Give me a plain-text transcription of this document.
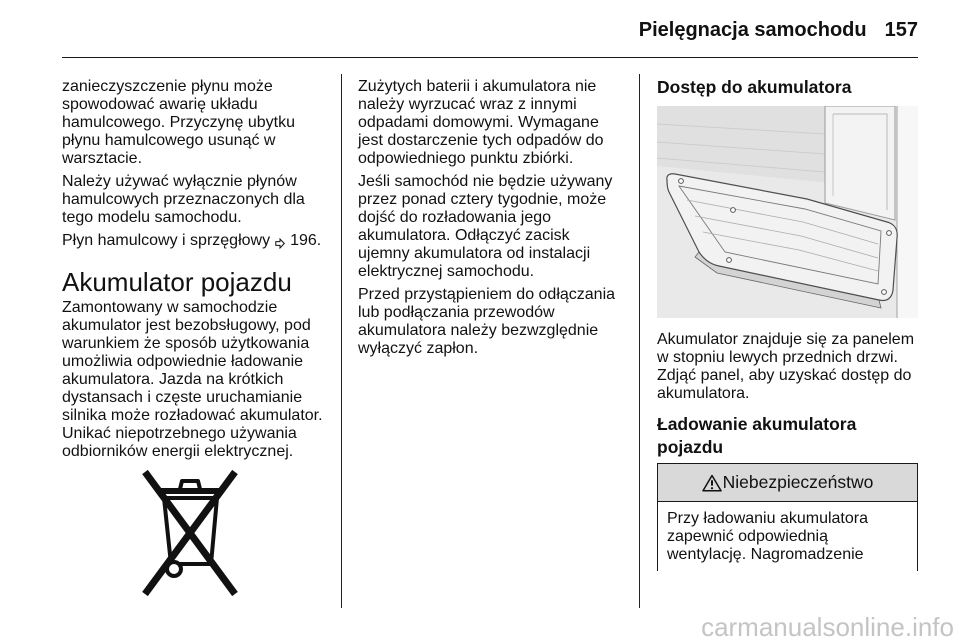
Pielęgnacja samochodu 157
zanieczyszczenie płynu może
spowodować awarię układu
hamulcowego. Przyczynę ubytku
płynu hamulcowego usunąć w
warsztacie.
Należy używać wyłącznie płynów
hamulcowych przeznaczonych dla
tego modelu samochodu.
Płyn hamulcowy i sprzęgłowy 196.
Akumulator pojazdu
Zamontowany w samochodzie
akumulator jest bezobsługowy, pod
warunkiem że sposób użytkowania
umożliwia odpowiednie ładowanie
akumulatora. Jazda na krótkich
dystansach i częste uruchamianie
silnika może rozładować akumulator.
Unikać niepotrzebnego używania
odbiorników energii elektrycznej.
Zużytych baterii i akumulatora nie
należy wyrzucać wraz z innymi
odpadami domowymi. Wymagane
jest dostarczenie tych odpadów do
odpowiedniego punktu zbiórki.
Jeśli samochód nie będzie używany
przez ponad cztery tygodnie, może
dojść do rozładowania jego
akumulatora. Odłączyć zacisk
ujemny akumulatora od instalacji
elektrycznej samochodu.
Przed przystąpieniem do odłączania
lub podłączania przewodów
akumulatora należy bezwzględnie
wyłączyć zapłon.
Dostęp do akumulatora
Akumulator znajduje się za panelem
w stopniu lewych przednich drzwi.
Zdjąć panel, aby uzyskać dostęp do
akumulatora.
Ładowanie akumulatora
pojazdu
Niebezpieczeństwo
Przy ładowaniu akumulatora
zapewnić odpowiednią
wentylację. Nagromadzenie
carmanualsonline.info
